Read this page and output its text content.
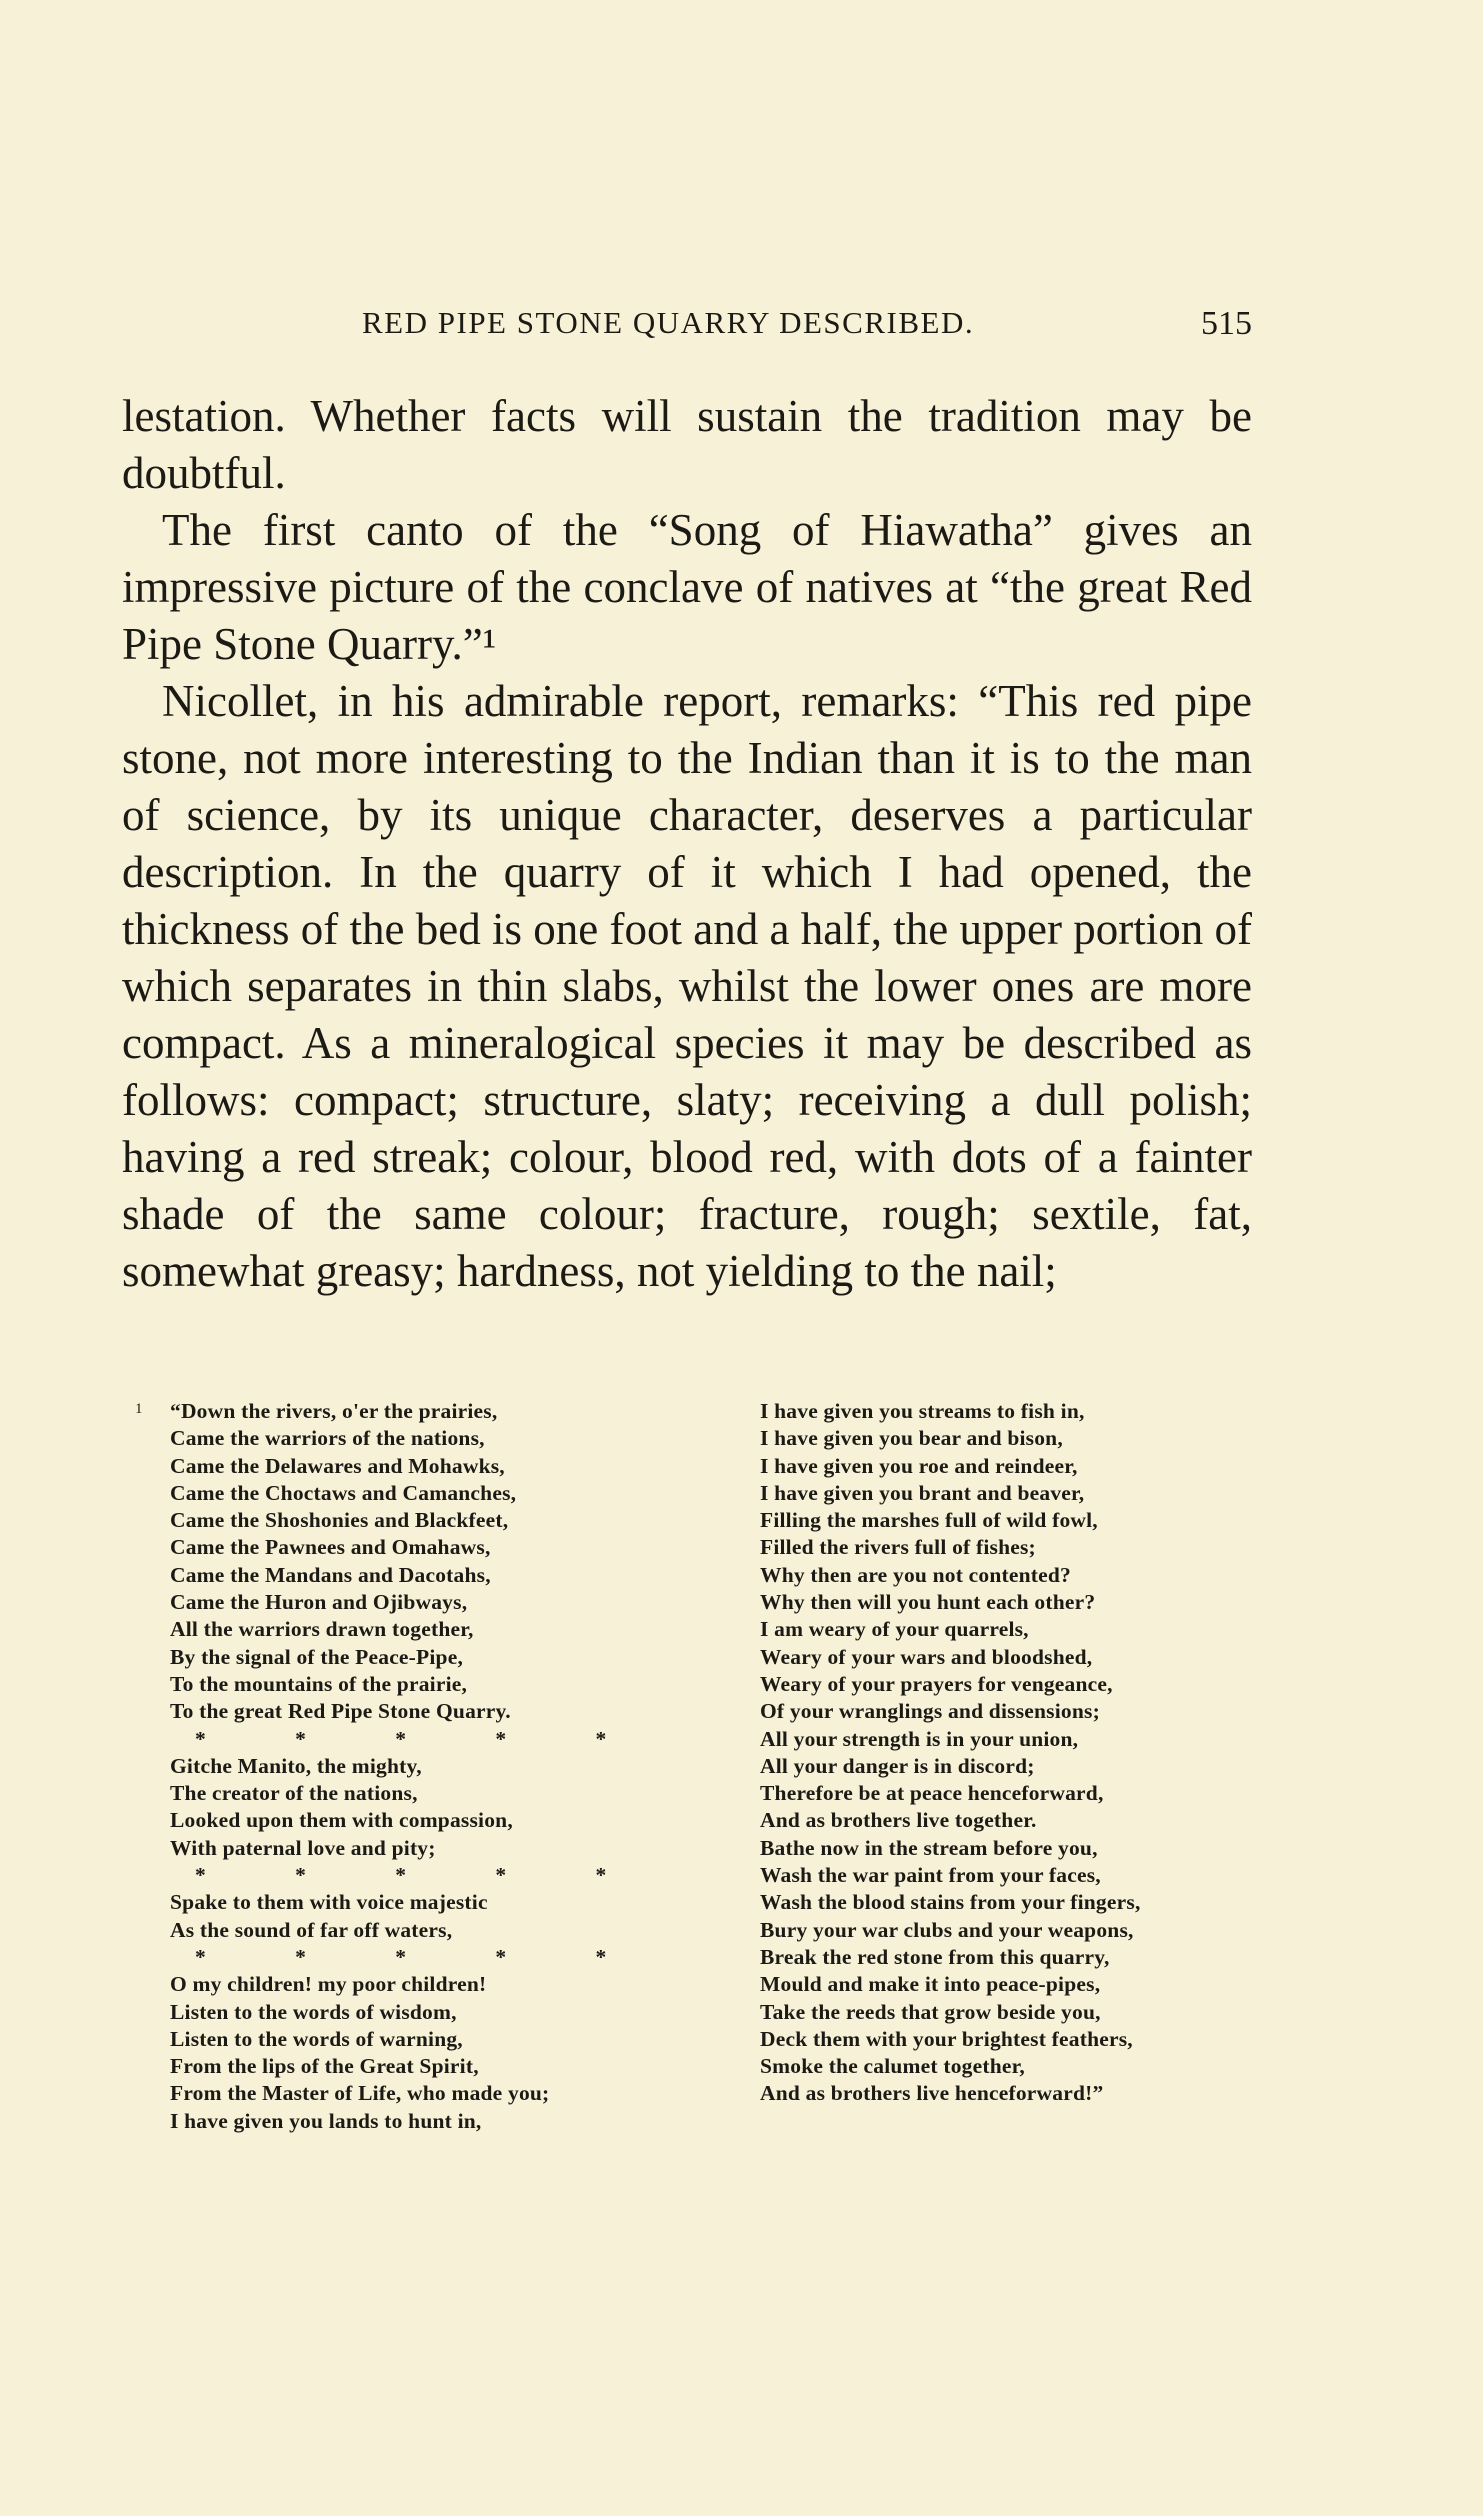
RED PIPE STONE QUARRY DESCRIBED.	515

lestation. Whether facts will sustain the tradition may be doubtful.

The first canto of the “Song of Hiawatha” gives an impressive picture of the conclave of natives at “the great Red Pipe Stone Quarry.”¹

Nicollet, in his admirable report, remarks: “This red pipe stone, not more interesting to the Indian than it is to the man of science, by its unique character, deserves a particular description. In the quarry of it which I had opened, the thickness of the bed is one foot and a half, the upper portion of which separates in thin slabs, whilst the lower ones are more compact. As a mineralogical species it may be described as follows: compact; structure, slaty; receiving a dull polish; having a red streak; colour, blood red, with dots of a fainter shade of the same colour; fracture, rough; sextile, fat, somewhat greasy; hardness, not yielding to the nail;

1	“Down the rivers, o'er the prairies,
Came the warriors of the nations,
Came the Delawares and Mohawks,
Came the Choctaws and Camanches,
Came the Shoshonies and Blackfeet,
Came the Pawnees and Omahaws,
Came the Mandans and Dacotahs,
Came the Huron and Ojibways,
All the warriors drawn together,
By the signal of the Peace-Pipe,
To the mountains of the prairie,
To the great Red Pipe Stone Quarry.
* * * * *
Gitche Manito, the mighty,
The creator of the nations,
Looked upon them with compassion,
With paternal love and pity;
* * * * *
Spake to them with voice majestic
As the sound of far off waters,
* * * * *
O my children! my poor children!
Listen to the words of wisdom,
Listen to the words of warning,
From the lips of the Great Spirit,
From the Master of Life, who made you;
I have given you lands to hunt in,
I have given you streams to fish in,
I have given you bear and bison,
I have given you roe and reindeer,
I have given you brant and beaver,
Filling the marshes full of wild fowl,
Filled the rivers full of fishes;
Why then are you not contented?
Why then will you hunt each other?
I am weary of your quarrels,
Weary of your wars and bloodshed,
Weary of your prayers for vengeance,
Of your wranglings and dissensions;
All your strength is in your union,
All your danger is in discord;
Therefore be at peace henceforward,
And as brothers live together.
Bathe now in the stream before you,
Wash the war paint from your faces,
Wash the blood stains from your fingers,
Bury your war clubs and your weapons,
Break the red stone from this quarry,
Mould and make it into peace-pipes,
Take the reeds that grow beside you,
Deck them with your brightest feathers,
Smoke the calumet together,
And as brothers live henceforward!”
